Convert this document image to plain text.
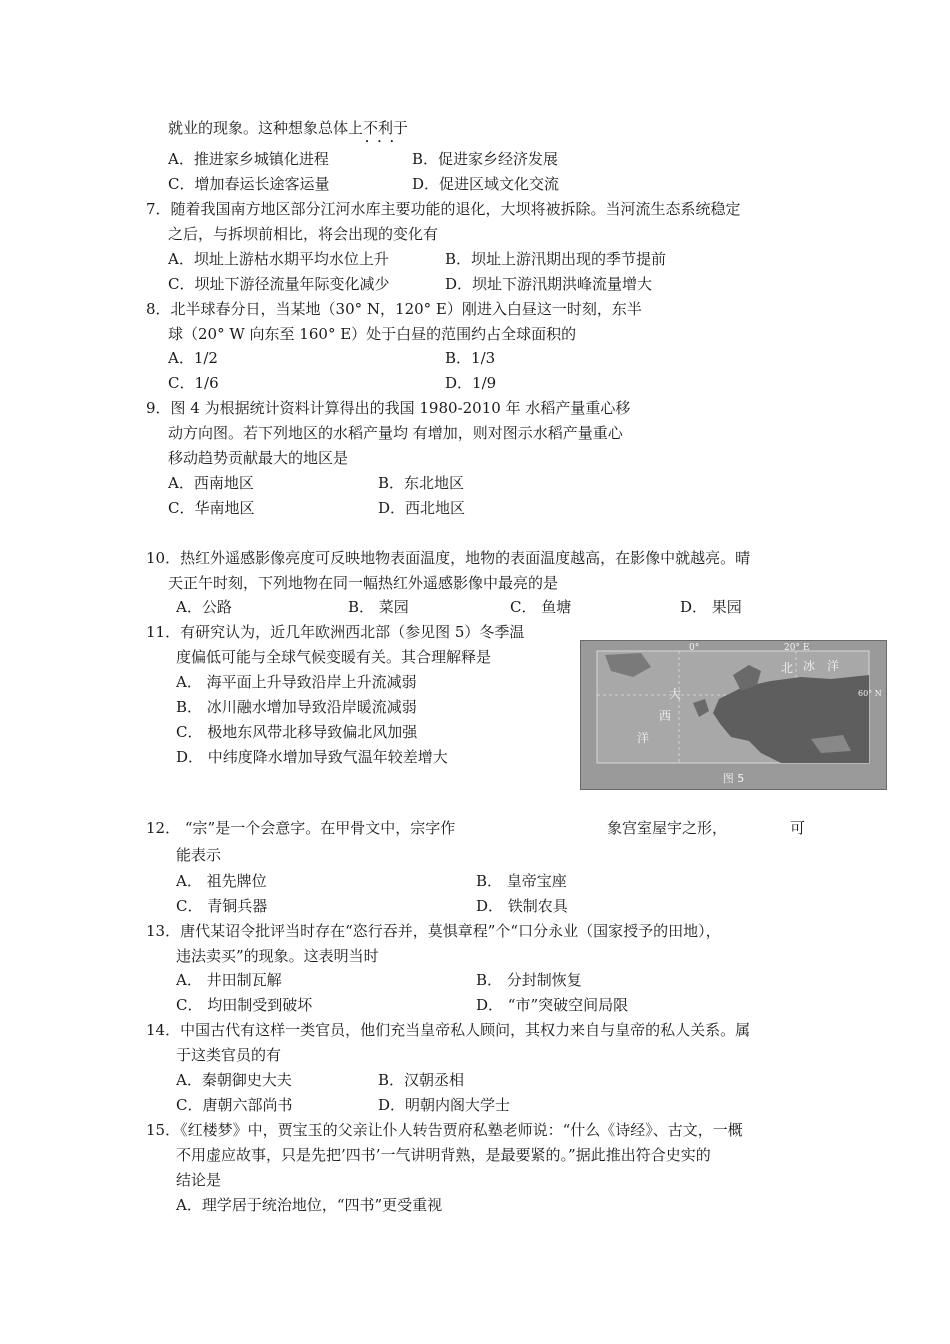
就业的现象。这种想象总体上不利于 • • •
A．推进家乡城镇化进程	B．促进家乡经济发展
C．增加春运长途客运量	D．促进区域文化交流
7．随着我国南方地区部分江河水库主要功能的退化，大坝将被拆除。当河流生态系统稳定
之后，与拆坝前相比，将会出现的变化有
A．坝址上游枯水期平均水位上升	B．坝址上游汛期出现的季节提前
C．坝址下游径流量年际变化减少	D．坝址下游汛期洪峰流量增大
8．北半球春分日，当某地（30° N，120° E）刚进入白昼这一时刻，东半
球（20° W 向东至 160° E）处于白昼的范围约占全球面积的
A．1/2	B．1/3
C．1/6	D．1/9
9．图 4 为根据统计资料计算得出的我国 1980-2010 年 水稻产量重心移
动方向图。若下列地区的水稻产量均 有增加，则对图示水稻产量重心
移动趋势贡献最大的地区是
A．西南地区	B．东北地区
C．华南地区	D．西北地区
10．热红外遥感影像亮度可反映地物表面温度，地物的表面温度越高，在影像中就越亮。晴
天正午时刻，下列地物在同一幅热红外遥感影像中最亮的是
A．公路	B． 菜园	C． 鱼塘	D． 果园
11．有研究认为，近几年欧洲西北部（参见图 5）冬季温
度偏低可能与全球气候变暖有关。其合理解释是
A． 海平面上升导致沿岸上升流减弱
B． 冰川融水增加导致沿岸暖流减弱
C． 极地东风带北移导致偏北风加强
D． 中纬度降水增加导致气温年较差增大
0°	20° E
60° N
北 冰 洋
大
西
洋
图 5
12． “宗”是一个会意字。在甲骨文中，宗字作	象宫室屋宇之形，	可
能表示
A． 祖先牌位	B． 皇帝宝座
C． 青铜兵器	D． 铁制农具
13．唐代某诏令批评当时存在“恣行吞并，莫惧章程”个“口分永业（国家授予的田地），
违法卖买”的现象。这表明当时
A． 井田制瓦解	B． 分封制恢复
C． 均田制受到破坏	D． “市”突破空间局限
14．中国古代有这样一类官员，他们充当皇帝私人顾问，其权力来自与皇帝的私人关系。属
于这类官员的有
A．秦朝御史大夫	B．汉朝丞相
C．唐朝六部尚书	D．明朝内阁大学士
15．《红楼梦》中，贾宝玉的父亲让仆人转告贾府私塾老师说：“什么《诗经》、古文，一概
不用虚应故事，只是先把’四书’一气讲明背熟，是最要紧的。”据此推出符合史实的
结论是
A．理学居于统治地位，“四书”更受重视
